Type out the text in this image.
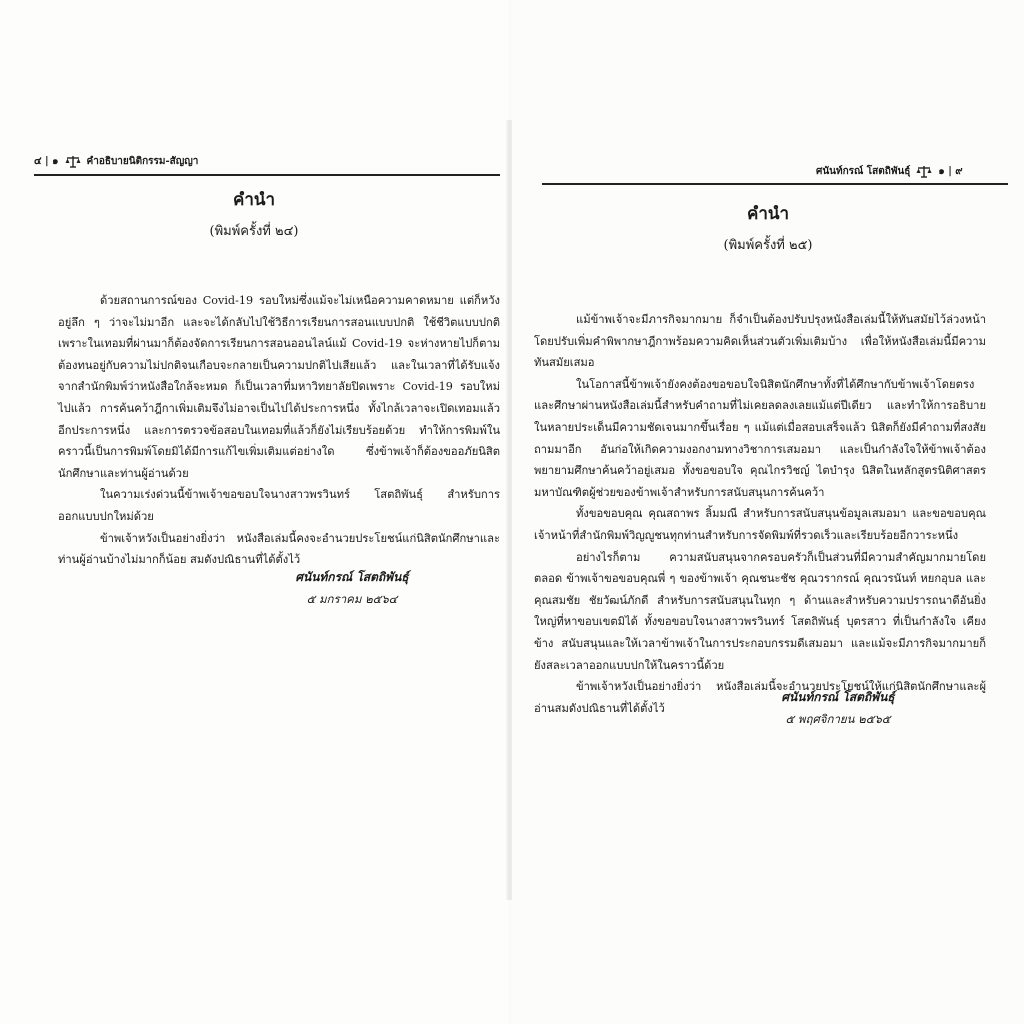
๔ | ๑	คำอธิบายนิติกรรม-สัญญา
คำนำ
(พิมพ์ครั้งที่ ๒๔)

ด้วยสถานการณ์ของ Covid-19 รอบใหม่ซึ่งแม้จะไม่เหนือความคาดหมาย แต่ก็หวังอยู่ลึก ๆ ว่าจะไม่มาอีก และจะได้กลับไปใช้วิธีการเรียนการสอนแบบปกติ ใช้ชีวิตแบบปกติ เพราะในเทอมที่ผ่านมาก็ต้องจัดการเรียนการสอนออนไลน์แม้ Covid-19 จะห่างหายไปก็ตาม ต้องทนอยู่กับความไม่ปกติจนเกือบจะกลายเป็นความปกติไปเสียแล้ว และในเวลาที่ได้รับแจ้งจากสำนักพิมพ์ว่าหนังสือใกล้จะหมด ก็เป็นเวลาที่มหาวิทยาลัยปิดเพราะ Covid-19 รอบใหม่ไปแล้ว การค้นคว้าฎีกาเพิ่มเติมจึงไม่อาจเป็นไปได้ประการหนึ่ง ทั้งไกล้เวลาจะเปิดเทอมแล้วอีกประการหนึ่ง และการตรวจข้อสอบในเทอมที่แล้วก็ยังไม่เรียบร้อยด้วย ทำให้การพิมพ์ในคราวนี้เป็นการพิมพ์โดยมิได้มีการแก้ไขเพิ่มเติมแต่อย่างใด ซึ่งข้าพเจ้าก็ต้องขออภัยนิสิตนักศึกษาและท่านผู้อ่านด้วย

ในความเร่งด่วนนี้ข้าพเจ้าขอขอบใจนางสาวพรวินทร์ โสตถิพันธุ์ สำหรับการออกแบบปกใหม่ด้วย

ข้าพเจ้าหวังเป็นอย่างยิ่งว่า หนังสือเล่มนี้คงจะอำนวยประโยชน์แก่นิสิตนักศึกษาและท่านผู้อ่านบ้างไม่มากก็น้อย สมดังปณิธานที่ได้ตั้งไว้

ศนันท์กรณ์ โสตถิพันธุ์
๕ มกราคม ๒๕๖๔
ศนันท์กรณ์ โสตถิพันธุ์	๑ | ๙
คำนำ
(พิมพ์ครั้งที่ ๒๕)

แม้ข้าพเจ้าจะมีภารกิจมากมาย ก็จำเป็นต้องปรับปรุงหนังสือเล่มนี้ให้ทันสมัยไว้ล่วงหน้าโดยปรับเพิ่มคำพิพากษาฎีกาพร้อมความคิดเห็นส่วนตัวเพิ่มเติมบ้าง เพื่อให้หนังสือเล่มนี้มีความทันสมัยเสมอ

ในโอกาสนี้ข้าพเจ้ายังคงต้องขอขอบใจนิสิตนักศึกษาทั้งที่ได้ศึกษากับข้าพเจ้าโดยตรงและศึกษาผ่านหนังสือเล่มนี้สำหรับคำถามที่ไม่เคยลดลงเลยแม้แต่ปีเดียว และทำให้การอธิบายในหลายประเด็นมีความชัดเจนมากขึ้นเรื่อย ๆ แม้แต่เมื่อสอบเสร็จแล้ว นิสิตก็ยังมีคำถามที่สงสัยถามมาอีก อันก่อให้เกิดความงอกงามทางวิชาการเสมอมา และเป็นกำลังใจให้ข้าพเจ้าต้องพยายามศึกษาค้นคว้าอยู่เสมอ ทั้งขอขอบใจ คุณไกรวิชญ์ ไตบำรุง นิสิตในหลักสูตรนิติศาสตรมหาบัณฑิตผู้ช่วยของข้าพเจ้าสำหรับการสนับสนุนการค้นคว้า

ทั้งขอขอบคุณ คุณสถาพร ลิ้มมณี สำหรับการสนับสนุนข้อมูลเสมอมา และขอขอบคุณเจ้าหน้าที่สำนักพิมพ์วิญญูชนทุกท่านสำหรับการจัดพิมพ์ที่รวดเร็วและเรียบร้อยอีกวาระหนึ่ง

อย่างไรก็ตาม ความสนับสนุนจากครอบครัวก็เป็นส่วนที่มีความสำคัญมากมายโดยตลอด ข้าพเจ้าขอขอบคุณพี่ ๆ ของข้าพเจ้า คุณชนะชัช คุณวรากรณ์ คุณวรนันท์ หยกอุบล และคุณสมชัย ชัยวัฒน์ภักดี สำหรับการสนับสนุนในทุก ๆ ด้านและสำหรับความปรารถนาดีอันยิ่งใหญ่ที่หาขอบเขตมิได้ ทั้งขอขอบใจนางสาวพรวินทร์ โสตถิพันธุ์ บุตรสาว ที่เป็นกำลังใจ เคียงข้าง สนับสนุนและให้เวลาข้าพเจ้าในการประกอบกรรมดีเสมอมา และแม้จะมีภารกิจมากมายก็ยังสละเวลาออกแบบปกให้ในคราวนี้ด้วย

ข้าพเจ้าหวังเป็นอย่างยิ่งว่า หนังสือเล่มนี้จะอำนวยประโยชน์ให้แก่นิสิตนักศึกษาและผู้อ่านสมดังปณิธานที่ได้ตั้งไว้

ศนันท์กรณ์ โสตถิพันธุ์
๕ พฤศจิกายน ๒๕๖๕
